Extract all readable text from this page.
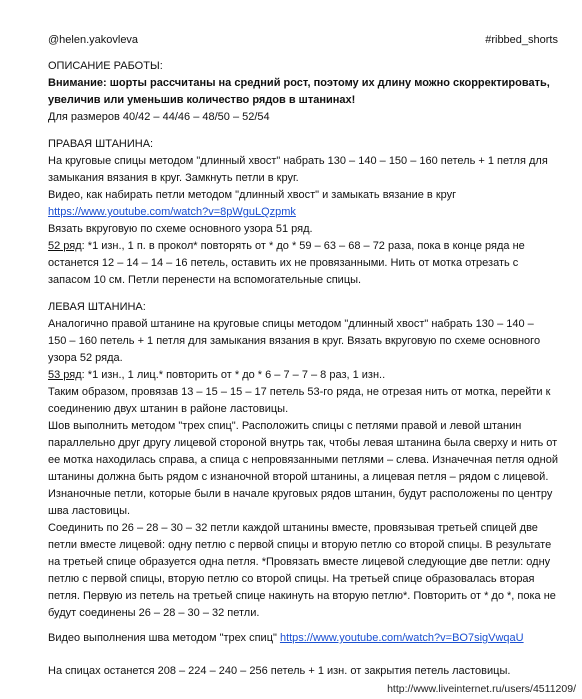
@helen.yakovleva	#ribbed_shorts

ОПИСАНИЕ РАБОТЫ:

Внимание: шорты рассчитаны на средний рост, поэтому их длину можно скорректировать,

увеличив или уменьшив количество рядов в штанинах!

Для размеров 40/42 – 44/46 – 48/50 – 52/54

ПРАВАЯ ШТАНИНА:

На круговые спицы методом "длинный хвост" набрать 130 – 140 – 150 – 160 петель + 1 петля для

замыкания вязания в круг. Замкнуть петли в круг.

Видео, как набирать петли методом "длинный хвост" и замыкать вязание в круг

https://www.youtube.com/watch?v=8pWguLQzpmk

Вязать вкруговую по схеме основного узора 51 ряд.

52 ряд: *1 изн., 1 п. в прокол* повторять от * до * 59 – 63 – 68 – 72 раза, пока в конце ряда не

останется 12 – 14 – 14 – 16 петель, оставить их не провязанными. Нить от мотка отрезать с

запасом 10 см. Петли перенести на вспомогательные спицы.

ЛЕВАЯ ШТАНИНА:

Аналогично правой штанине на круговые спицы методом "длинный хвост" набрать 130 – 140 –

150 – 160 петель + 1 петля для замыкания вязания в круг. Вязать вкруговую по схеме основного

узора 52 ряда.

53 ряд: *1 изн., 1 лиц.* повторить от * до * 6 – 7 – 7 – 8 раз, 1 изн..

Таким образом, провязав 13 – 15 – 15 – 17 петель 53-го ряда, не отрезая нить от мотка, перейти к

соединению двух штанин в районе ластовицы.

Шов выполнить методом "трех спиц". Расположить спицы с петлями правой и левой штанин

параллельно друг другу лицевой стороной внутрь так, чтобы левая штанина была сверху и нить от

ее мотка находилась справа, а спица с непровязанными петлями – слева. Изначечная петля одной

штанины должна быть рядом с изнаночной второй штанины, а лицевая петля – рядом с лицевой.

Изнаночные петли, которые были в начале круговых рядов штанин, будут расположены по центру

шва ластовицы.

Соединить по 26 – 28 – 30 – 32 петли каждой штанины вместе, провязывая третьей спицей две

петли вместе лицевой: одну петлю с первой спицы и вторую петлю со второй спицы. В результате

на третьей спице образуется одна петля. *Провязать вместе лицевой следующие две петли: одну

петлю с первой спицы, вторую петлю со второй спицы. На третьей спице образовалась вторая

петля. Первую из петель на третьей спице накинуть на вторую петлю*. Повторить от * до *, пока не

будут соединены 26 – 28 – 30 – 32 петли.

Видео выполнения шва методом "трех спиц" https://www.youtube.com/watch?v=BO7sigVwqaU

На спицах останется 208 – 224 – 240 – 256 петель + 1 изн. от закрытия петель ластовицы.

http://www.liveinternet.ru/users/4511209/
